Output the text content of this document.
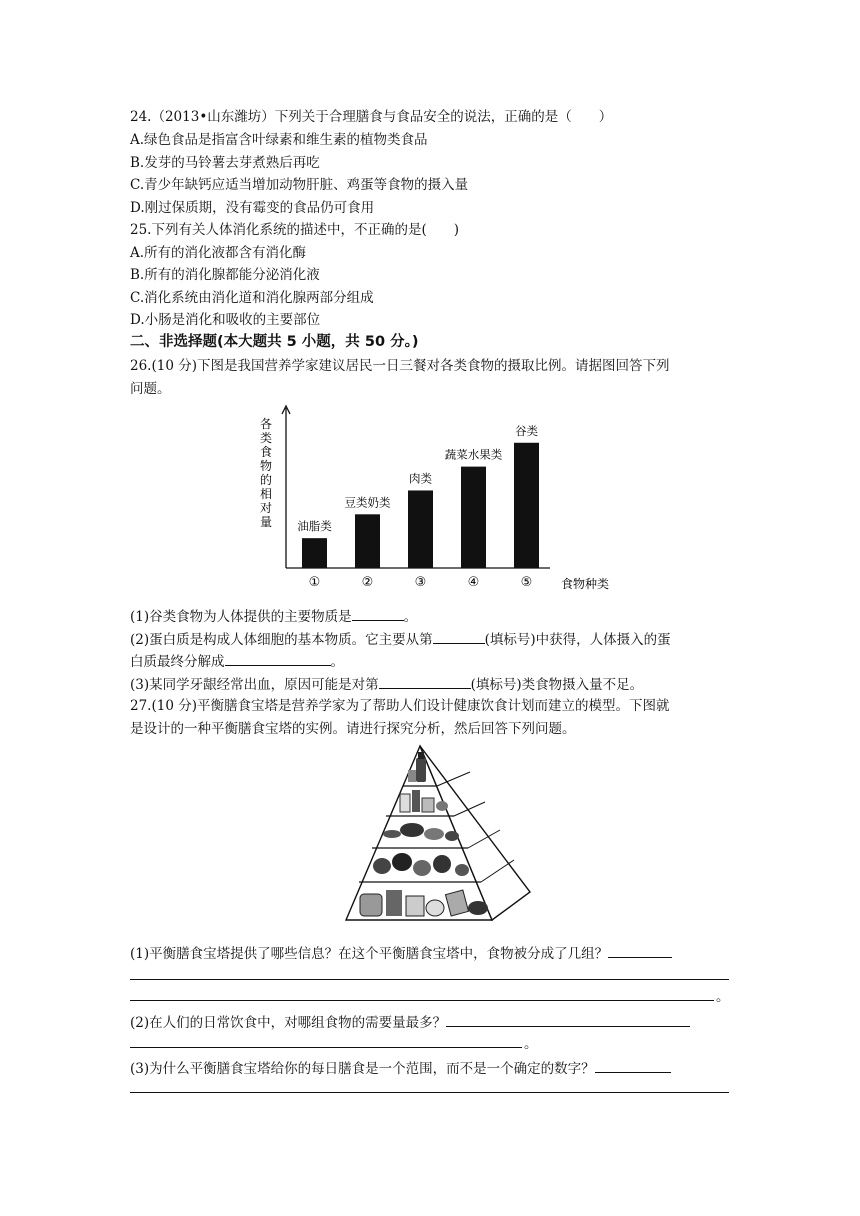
24.（2013•山东潍坊）下列关于合理膳食与食品安全的说法，正确的是（　　）
A.绿色食品是指富含叶绿素和维生素的植物类食品
B.发芽的马铃薯去芽煮熟后再吃
C.青少年缺钙应适当增加动物肝脏、鸡蛋等食物的摄入量
D.刚过保质期，没有霉变的食品仍可食用
25.下列有关人体消化系统的描述中，不正确的是(　　)
A.所有的消化液都含有消化酶
B.所有的消化腺都能分泌消化液
C.消化系统由消化道和消化腺两部分组成
D.小肠是消化和吸收的主要部位
二、非选择题(本大题共 5 小题，共 50 分。)
26.(10 分)下图是我国营养学家建议居民一日三餐对各类食物的摄取比例。请据图回答下列
问题。
各
类
食
物
的
相
对
量 油脂类
①
豆类奶类
②
肉类
③
蔬菜水果类
④
谷类
⑤ 食物种类
(1)谷类食物为人体提供的主要物质是	。
(2)蛋白质是构成人体细胞的基本物质。它主要从第	(填标号)中获得，人体摄入的蛋
白质最终分解成	。
(3)某同学牙龈经常出血，原因可能是对第	(填标号)类食物摄入量不足。
27.(10 分)平衡膳食宝塔是营养学家为了帮助人们设计健康饮食计划而建立的模型。下图就
是设计的一种平衡膳食宝塔的实例。请进行探究分析，然后回答下列问题。
(1)平衡膳食宝塔提供了哪些信息？在这个平衡膳食宝塔中，食物被分成了几组？
。
(2)在人们的日常饮食中，对哪组食物的需要量最多？
。
(3)为什么平衡膳食宝塔给你的每日膳食是一个范围，而不是一个确定的数字？
